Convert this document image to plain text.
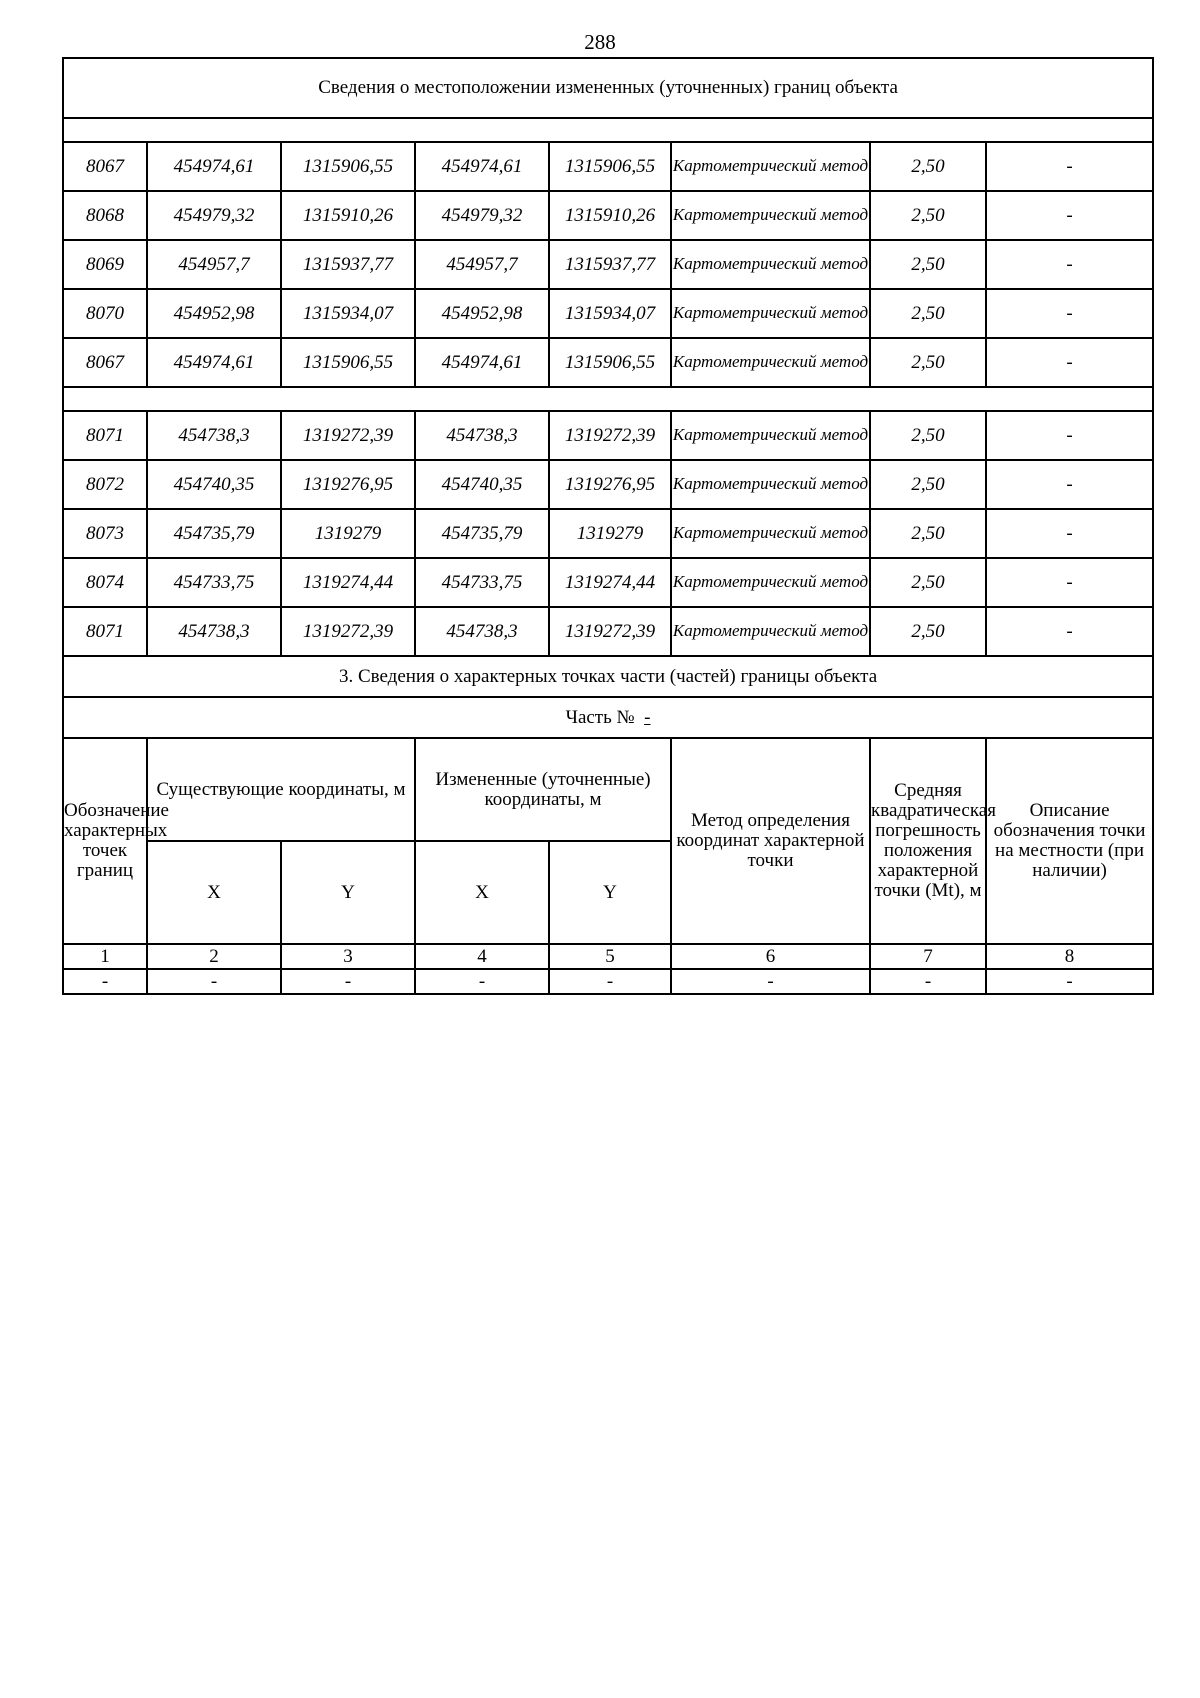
288
Сведения о местоположении измененных (уточненных) границ объекта							

8067	454974,61	1315906,55	454974,61	1315906,55	Картометрический метод	2,50	-
8068	454979,32	1315910,26	454979,32	1315910,26	Картометрический метод	2,50	-
8069	454957,7	1315937,77	454957,7	1315937,77	Картометрический метод	2,50	-
8070	454952,98	1315934,07	454952,98	1315934,07	Картометрический метод	2,50	-
8067	454974,61	1315906,55	454974,61	1315906,55	Картометрический метод	2,50	-

8071	454738,3	1319272,39	454738,3	1319272,39	Картометрический метод	2,50	-
8072	454740,35	1319276,95	454740,35	1319276,95	Картометрический метод	2,50	-
8073	454735,79	1319279	454735,79	1319279	Картометрический метод	2,50	-
8074	454733,75	1319274,44	454733,75	1319274,44	Картометрический метод	2,50	-
8071	454738,3	1319272,39	454738,3	1319272,39	Картометрический метод	2,50	-
3. Сведения о характерных точках части (частей) границы объекта							
Часть №  -							
Обозначение характерных точек границ	Существующие координаты, м		Измененные (уточненные) координаты, м		Метод определения координат характерной точки	Средняя квадратическая погрешность положения характерной точки (Mt), м	Описание обозначения точки на местности (при наличии)
	X	Y	X	Y			
1	2	3	4	5	6	7	8
-	-	-	-	-	-	-	-
